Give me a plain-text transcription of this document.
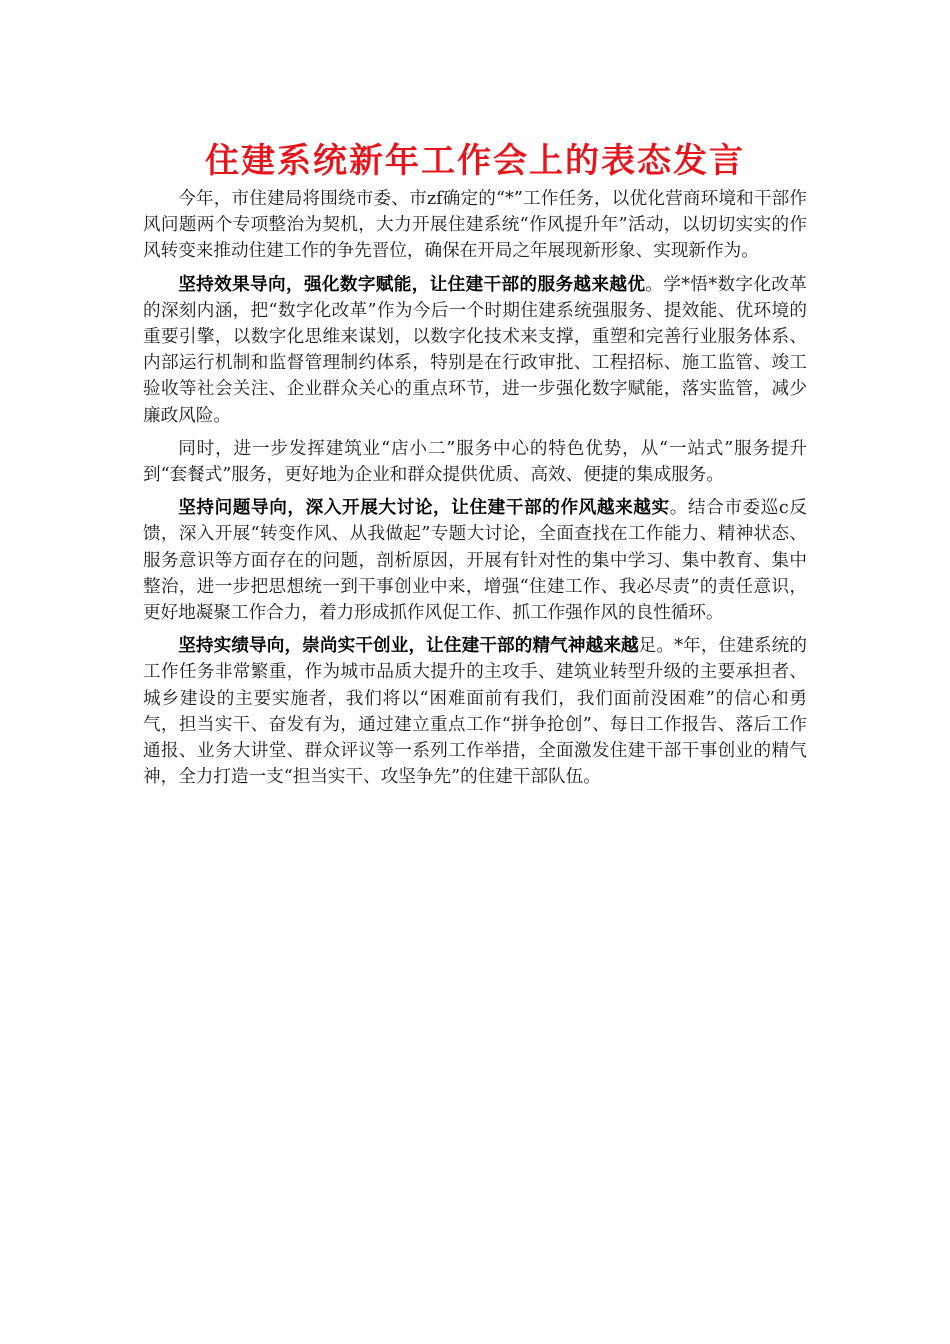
住建系统新年工作会上的表态发言

今年，市住建局将围绕市委、市zf确定的“*”工作任务，以优化营商环境和干部作风问题两个专项整治为契机，大力开展住建系统“作风提升年”活动，以切切实实的作风转变来推动住建工作的争先晋位，确保在开局之年展现新形象、实现新作为。

坚持效果导向，强化数字赋能，让住建干部的服务越来越优。学*悟*数字化改革的深刻内涵，把“数字化改革”作为今后一个时期住建系统强服务、提效能、优环境的重要引擎，以数字化思维来谋划，以数字化技术来支撑，重塑和完善行业服务体系、内部运行机制和监督管理制约体系，特别是在行政审批、工程招标、施工监管、竣工验收等社会关注、企业群众关心的重点环节，进一步强化数字赋能，落实监管，减少廉政风险。

同时，进一步发挥建筑业“店小二”服务中心的特色优势，从“一站式”服务提升到“套餐式”服务，更好地为企业和群众提供优质、高效、便捷的集成服务。

坚持问题导向，深入开展大讨论，让住建干部的作风越来越实。结合市委巡c反馈，深入开展“转变作风、从我做起”专题大讨论，全面查找在工作能力、精神状态、服务意识等方面存在的问题，剖析原因，开展有针对性的集中学习、集中教育、集中整治，进一步把思想统一到干事创业中来，增强“住建工作、我必尽责”的责任意识，更好地凝聚工作合力，着力形成抓作风促工作、抓工作强作风的良性循环。

坚持实绩导向，崇尚实干创业，让住建干部的精气神越来越足。*年，住建系统的工作任务非常繁重，作为城市品质大提升的主攻手、建筑业转型升级的主要承担者、城乡建设的主要实施者，我们将以“困难面前有我们，我们面前没困难”的信心和勇气，担当实干、奋发有为，通过建立重点工作“拼争抢创”、每日工作报告、落后工作通报、业务大讲堂、群众评议等一系列工作举措，全面激发住建干部干事创业的精气神，全力打造一支“担当实干、攻坚争先”的住建干部队伍。
